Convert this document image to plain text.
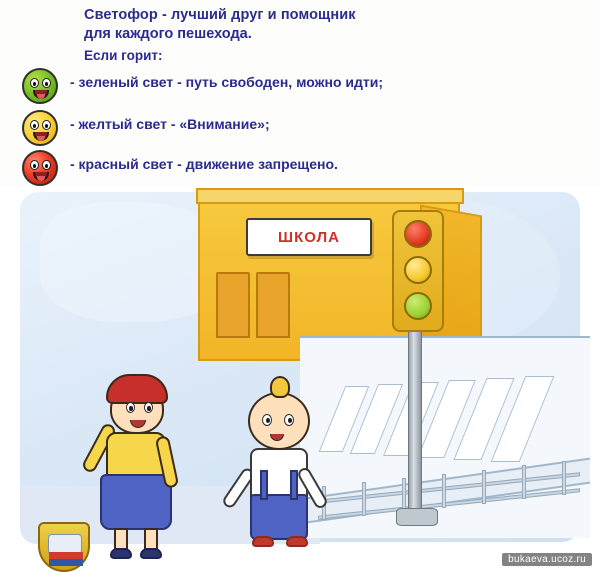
Светофор - лучший друг и помощник
для каждого пешехода.
Если горит:
- зеленый свет - путь свободен, можно идти;
- желтый свет - «Внимание»;
- красный свет - движение запрещено.
ШКОЛА
bukaeva.ucoz.ru
